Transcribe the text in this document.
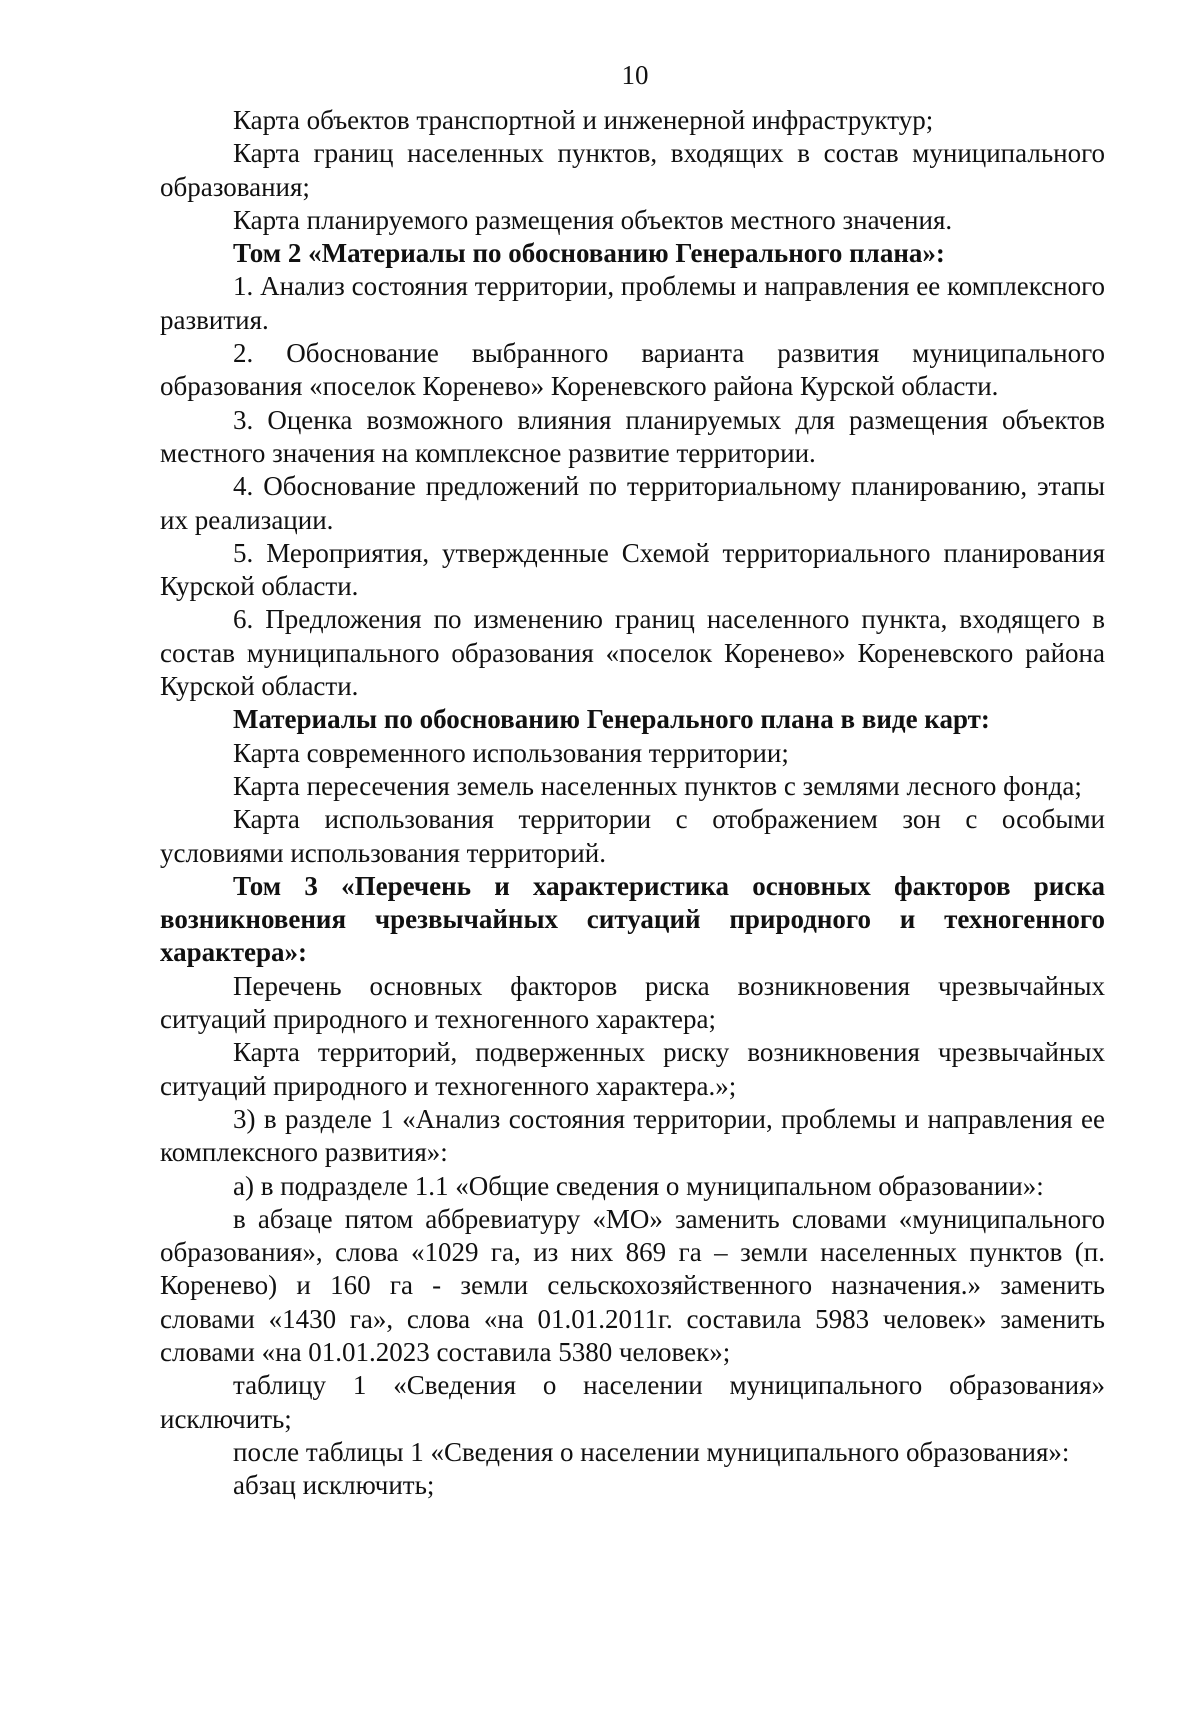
10

Карта объектов транспортной и инженерной инфраструктур;

Карта границ населенных пунктов, входящих в состав муниципального образования;

Карта планируемого размещения объектов местного значения.

Том 2 «Материалы по обоснованию Генерального плана»:

1. Анализ состояния территории, проблемы и направления ее комплексного развития.

2. Обоснование выбранного варианта развития муниципального образования «поселок Коренево» Кореневского района Курской области.

3. Оценка возможного влияния планируемых для размещения объектов местного значения на комплексное развитие территории.

4. Обоснование предложений по территориальному планированию, этапы их реализации.

5. Мероприятия, утвержденные Схемой территориального планирования Курской области.

6. Предложения по изменению границ населенного пункта, входящего в состав муниципального образования «поселок Коренево» Кореневского района Курской области.

Материалы по обоснованию Генерального плана в виде карт:

Карта современного использования территории;

Карта пересечения земель населенных пунктов с землями лесного фонда;

Карта использования территории с отображением зон с особыми условиями использования территорий.

Том 3 «Перечень и характеристика основных факторов риска возникновения чрезвычайных ситуаций природного и техногенного характера»:

Перечень основных факторов риска возникновения чрезвычайных ситуаций природного и техногенного характера;

Карта территорий, подверженных риску возникновения чрезвычайных ситуаций природного и техногенного характера.»;

3) в разделе 1 «Анализ состояния территории, проблемы и направления ее комплексного развития»:

а) в подразделе 1.1 «Общие сведения о муниципальном образовании»:

в абзаце пятом аббревиатуру «МО» заменить словами «муниципального образования», слова «1029 га, из них 869 га – земли населенных пунктов (п. Коренево) и 160 га - земли сельскохозяйственного назначения.» заменить словами «1430 га», слова «на 01.01.2011г. составила 5983 человек» заменить словами «на 01.01.2023 составила 5380 человек»;

таблицу 1 «Сведения о населении муниципального образования» исключить;

после таблицы 1 «Сведения о населении муниципального образования»:

абзац исключить;
